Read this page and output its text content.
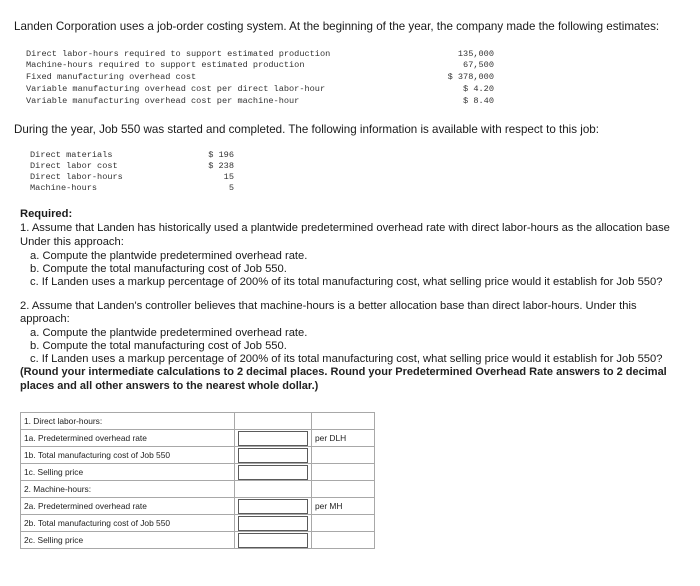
Landen Corporation uses a job-order costing system. At the beginning of the year, the company made the following estimates:
Direct labor-hours required to support estimated production	135,000
Machine-hours required to support estimated production	67,500
Fixed manufacturing overhead cost	$ 378,000
Variable manufacturing overhead cost per direct labor-hour	$ 4.20
Variable manufacturing overhead cost per machine-hour	$ 8.40
During the year, Job 550 was started and completed. The following information is available with respect to this job:
Direct materials	$ 196
Direct labor cost	$ 238
Direct labor-hours	15
Machine-hours	5
Required:
1. Assume that Landen has historically used a plantwide predetermined overhead rate with direct labor-hours as the allocation base
Under this approach:
a. Compute the plantwide predetermined overhead rate.
b. Compute the total manufacturing cost of Job 550.
c. If Landen uses a markup percentage of 200% of its total manufacturing cost, what selling price would it establish for Job 550?
2. Assume that Landen's controller believes that machine-hours is a better allocation base than direct labor-hours. Under this
approach:
a. Compute the plantwide predetermined overhead rate.
b. Compute the total manufacturing cost of Job 550.
c. If Landen uses a markup percentage of 200% of its total manufacturing cost, what selling price would it establish for Job 550?
(Round your intermediate calculations to 2 decimal places. Round your Predetermined Overhead Rate answers to 2 decimal
places and all other answers to the nearest whole dollar.)
1. Direct labor-hours:		
1a. Predetermined overhead rate		per DLH
1b. Total manufacturing cost of Job 550	

1c. Selling price	

2. Machine-hours:		
2a. Predetermined overhead rate		per MH
2b. Total manufacturing cost of Job 550	

2c. Selling price	
